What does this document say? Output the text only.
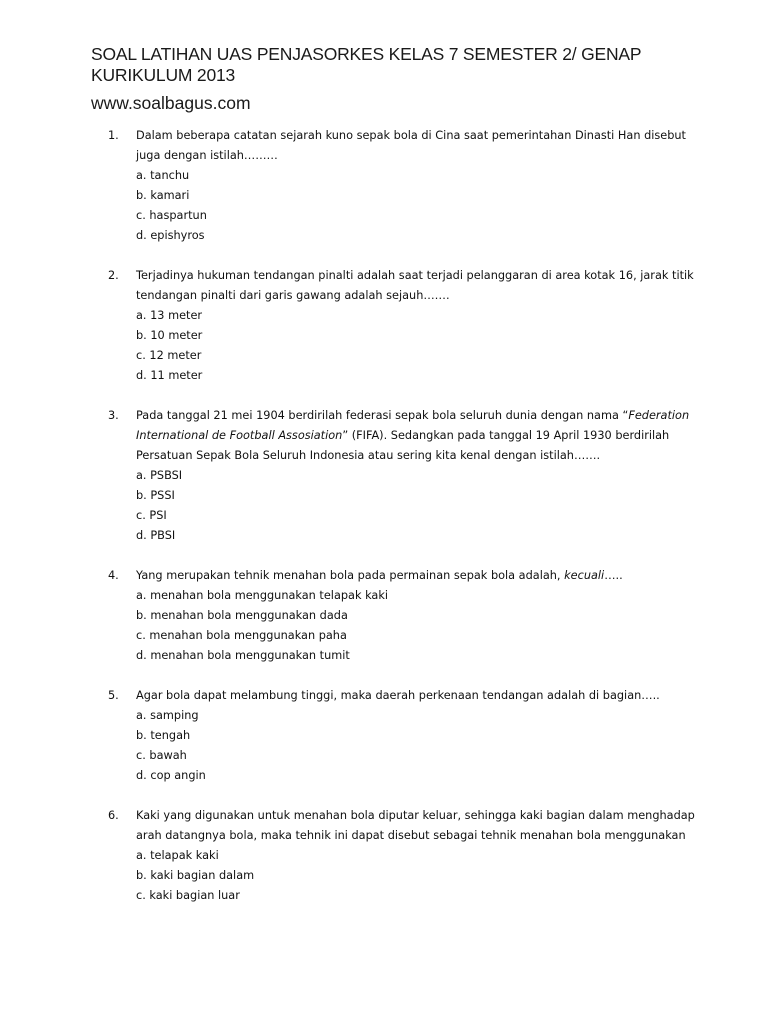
SOAL LATIHAN UAS PENJASORKES KELAS 7 SEMESTER 2/ GENAP
KURIKULUM 2013
www.soalbagus.com
1.	Dalam beberapa catatan sejarah kuno sepak bola di Cina saat pemerintahan Dinasti Han disebut juga dengan istilah………
a. tanchu
b. kamari
c. haspartun
d. epishyros
2.	Terjadinya hukuman tendangan pinalti adalah saat terjadi pelanggaran di area kotak 16, jarak titik tendangan pinalti dari garis gawang adalah sejauh…….
a. 13 meter
b. 10 meter
c. 12 meter
d. 11 meter
3.	Pada tanggal 21 mei 1904 berdirilah federasi sepak bola seluruh dunia dengan nama “Federation International de Football Assosiation” (FIFA). Sedangkan pada tanggal 19 April 1930 berdirilah Persatuan Sepak Bola Seluruh Indonesia atau sering kita kenal dengan istilah…….
a. PSBSI
b. PSSI
c. PSI
d. PBSI
4.	Yang merupakan tehnik menahan bola pada permainan sepak bola adalah, kecuali…..
a. menahan bola menggunakan telapak kaki
b. menahan bola menggunakan dada
c. menahan bola menggunakan paha
d. menahan bola menggunakan tumit
5.	Agar bola dapat melambung tinggi, maka daerah perkenaan tendangan adalah di bagian…..
a. samping
b. tengah
c. bawah
d. cop angin
6.	Kaki yang digunakan untuk menahan bola diputar keluar, sehingga kaki bagian dalam menghadap arah datangnya bola, maka tehnik ini dapat disebut sebagai tehnik menahan bola menggunakan
a. telapak kaki
b. kaki bagian dalam
c. kaki bagian luar
